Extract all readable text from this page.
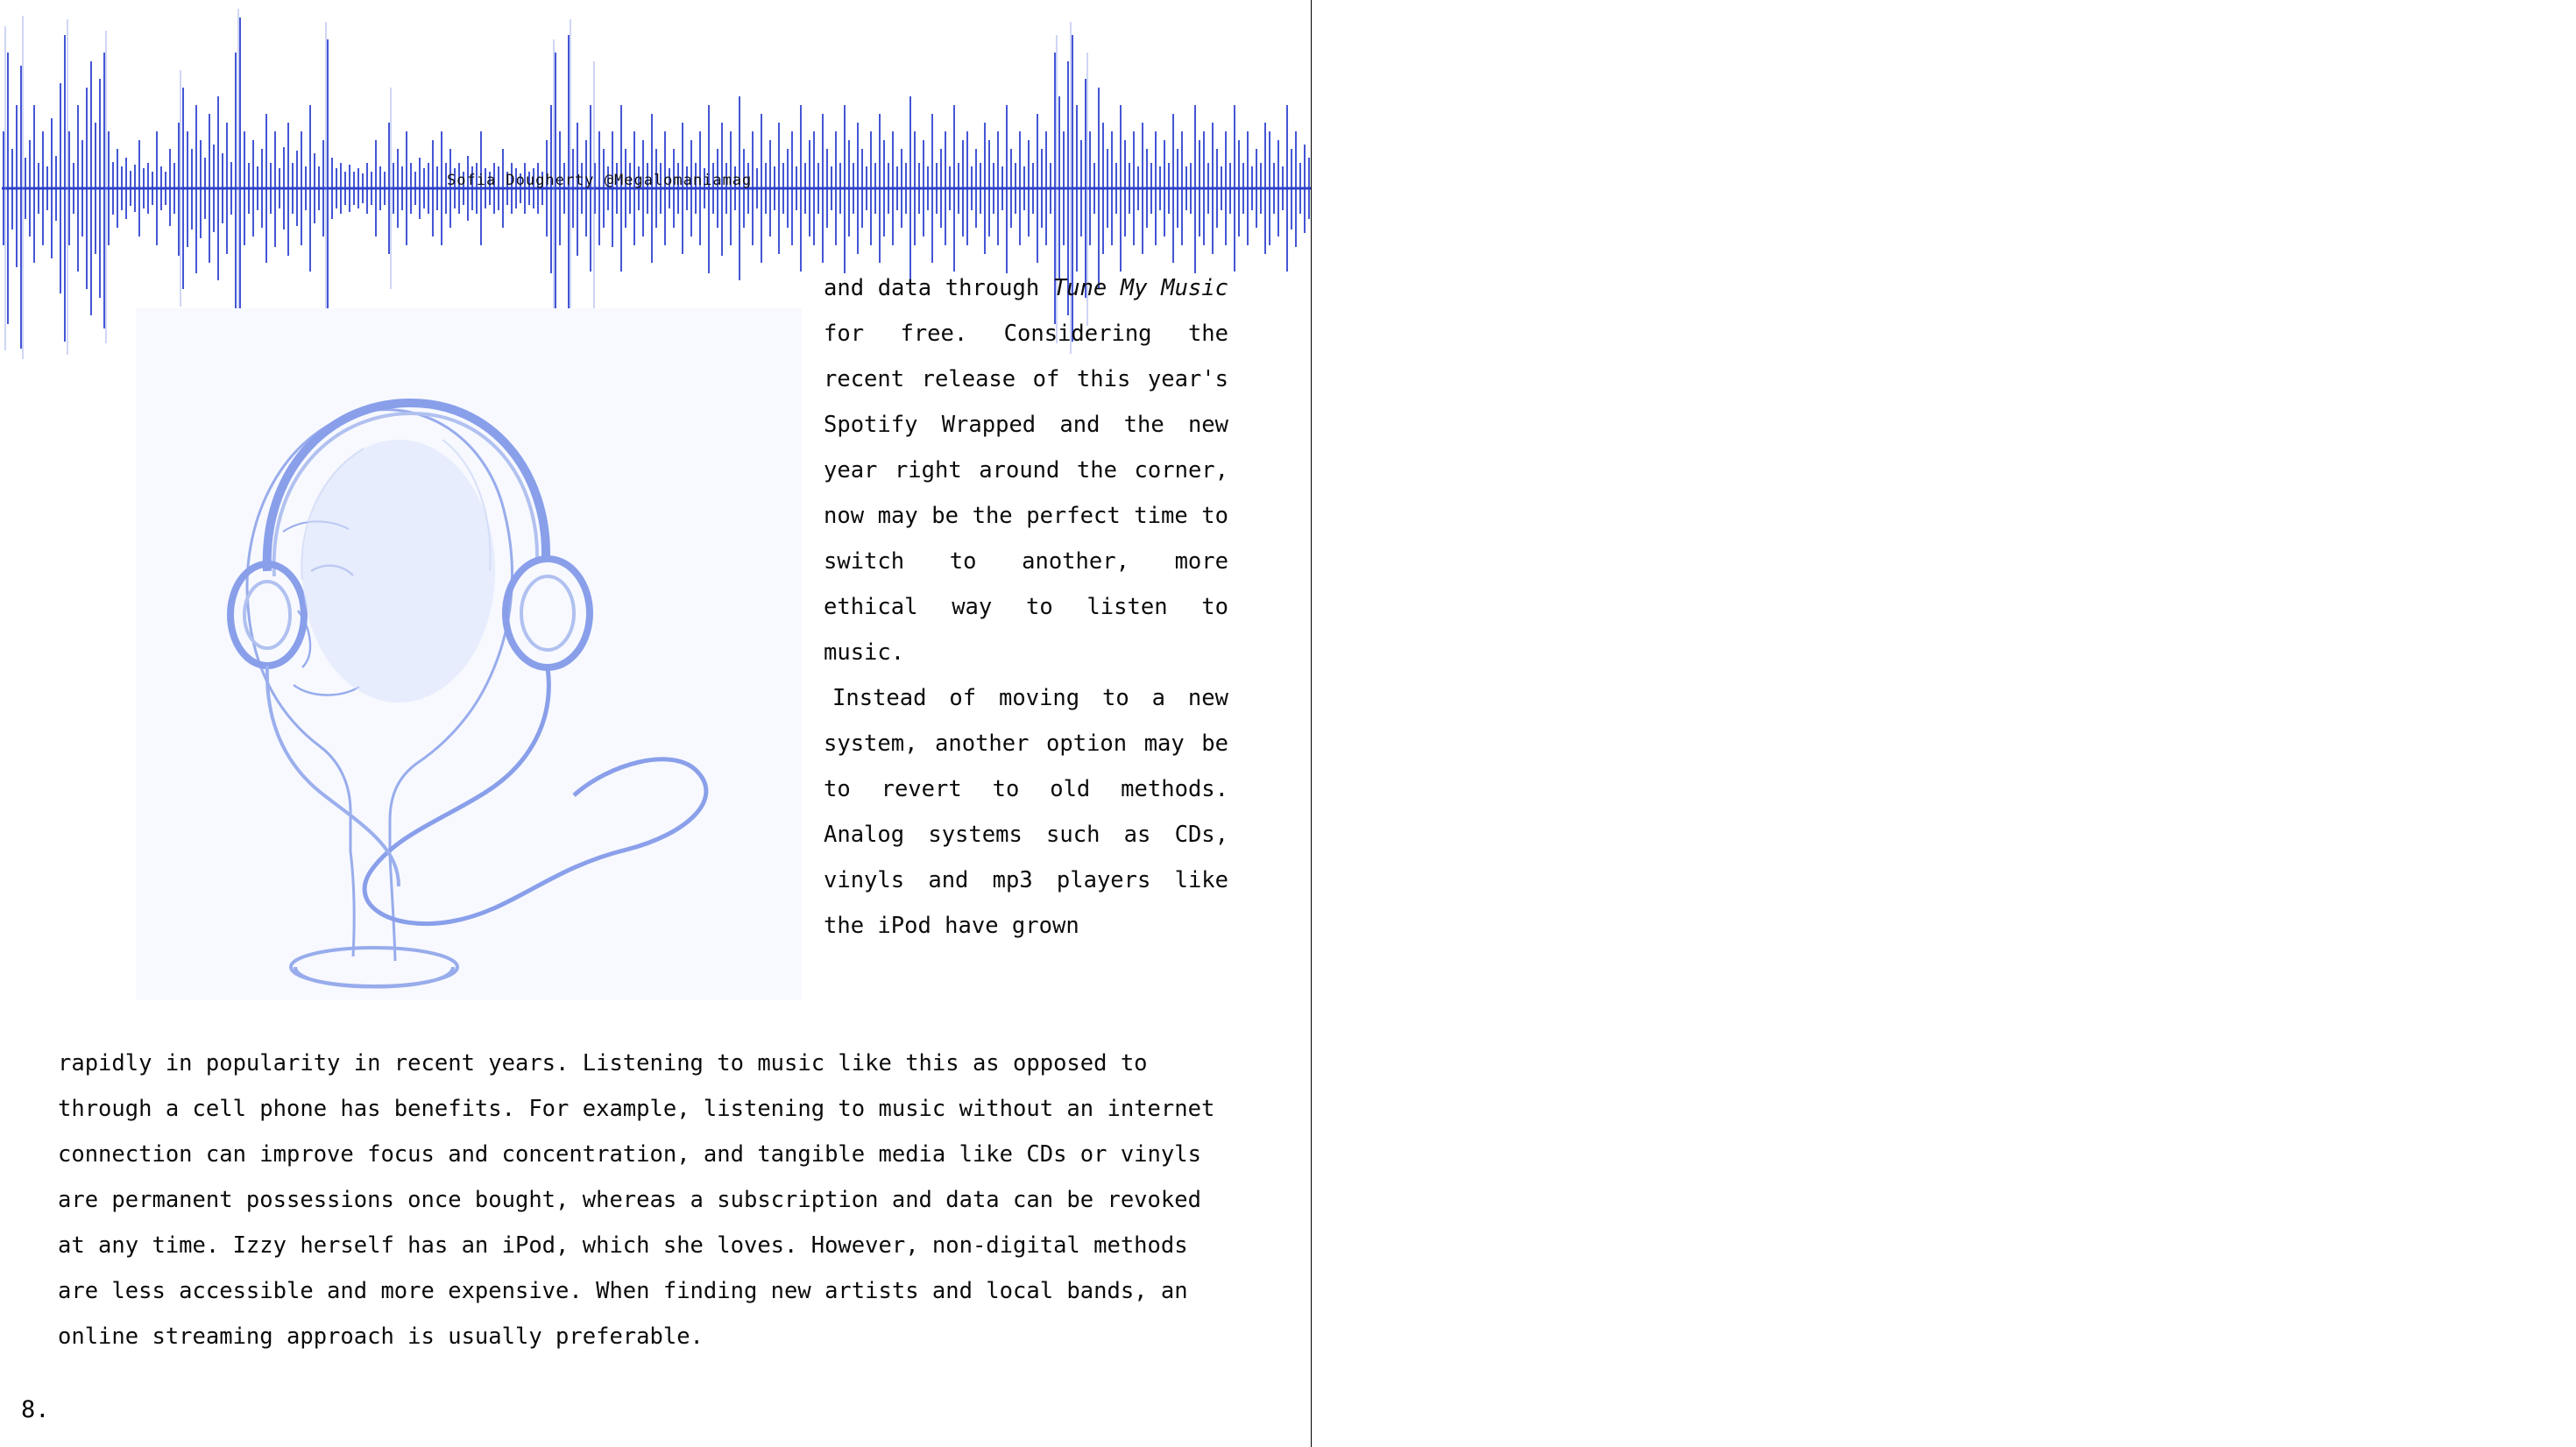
Sofia Dougherty @Megalomaniamag

and data through Tune My Music for free. Considering the recent release of this year's Spotify Wrapped and the new year right around the corner, now may be the perfect time to switch to another, more ethical way to listen to music.

Instead of moving to a new system, another option may be to revert to old methods. Analog systems such as CDs, vinyls and mp3 players like the iPod have grown

rapidly in popularity in recent years. Listening to music like this as opposed to through a cell phone has benefits. For example, listening to music without an internet connection can improve focus and concentration, and tangible media like CDs or vinyls are permanent possessions once bought, whereas a subscription and data can be revoked at any time. Izzy herself has an iPod, which she loves. However, non-digital methods are less accessible and more expensive. When finding new artists and local bands, an online streaming approach is usually preferable.

8.
